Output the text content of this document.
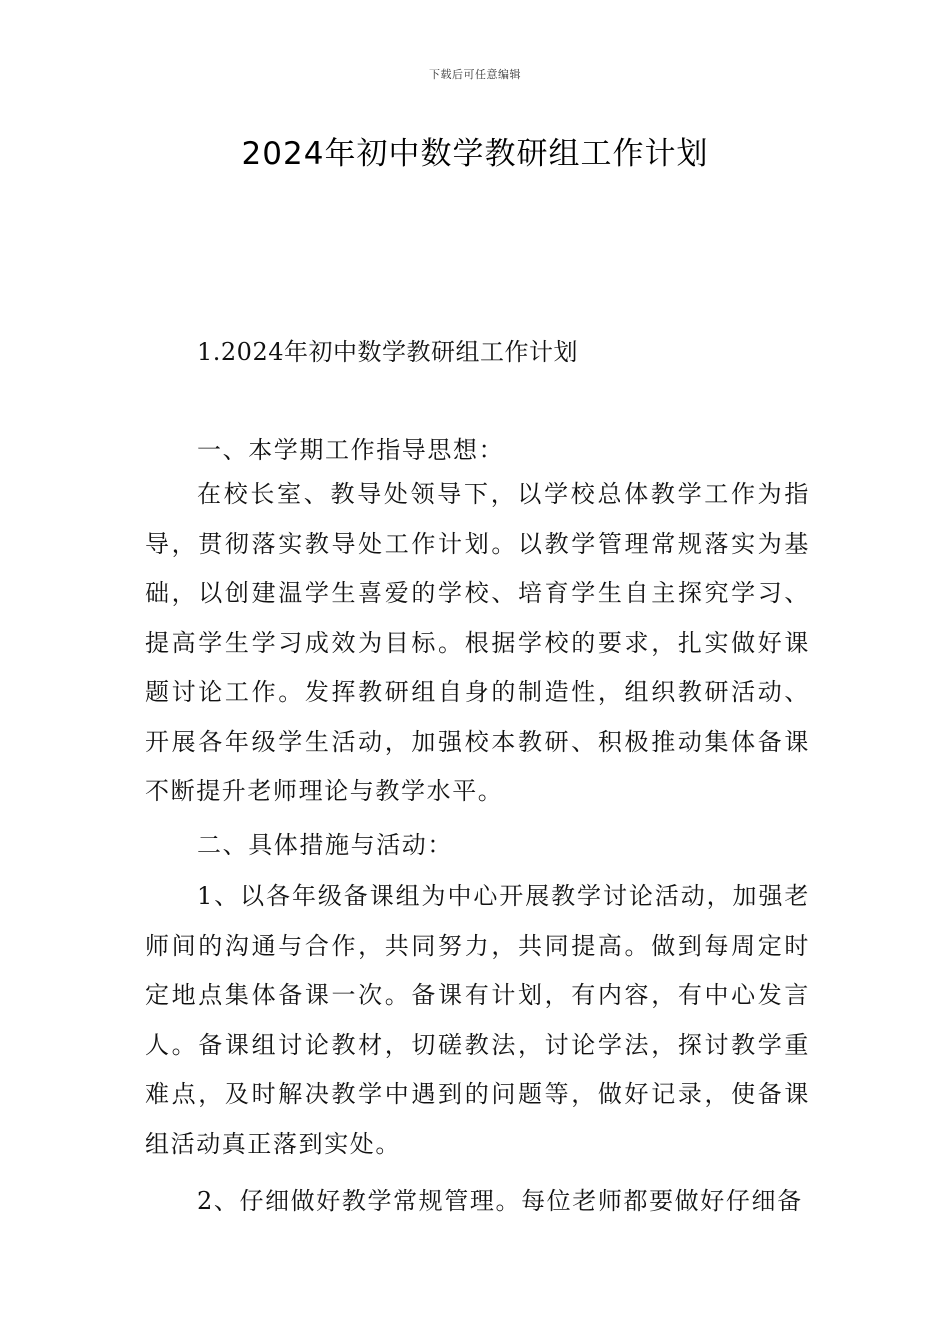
下载后可任意编辑
2024年初中数学教研组工作计划

1.2024年初中数学教研组工作计划

一、本学期工作指导思想：

在校长室、教导处领导下，以学校总体教学工作为指导，贯彻落实教导处工作计划。以教学管理常规落实为基础，以创建温学生喜爱的学校、培育学生自主探究学习、提高学生学习成效为目标。根据学校的要求，扎实做好课题讨论工作。发挥教研组自身的制造性，组织教研活动、开展各年级学生活动，加强校本教研、积极推动集体备课不断提升老师理论与教学水平。

二、具体措施与活动：

1、以各年级备课组为中心开展教学讨论活动，加强老师间的沟通与合作，共同努力，共同提高。做到每周定时定地点集体备课一次。备课有计划，有内容，有中心发言人。备课组讨论教材，切磋教法，讨论学法，探讨教学重难点，及时解决教学中遇到的问题等，做好记录，使备课组活动真正落到实处。

2、仔细做好教学常规管理。每位老师都要做好仔细备
